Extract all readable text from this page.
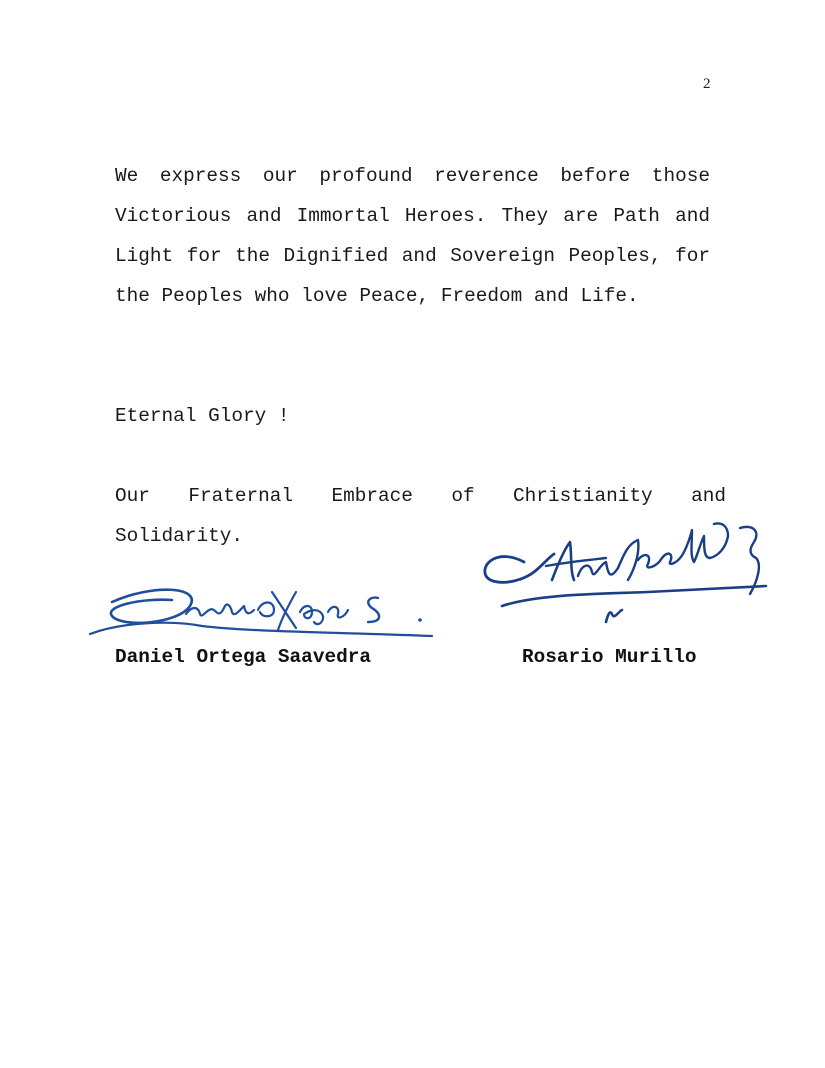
2

We express our profound reverence before those Victorious and Immortal Heroes. They are Path and Light for the Dignified and Sovereign Peoples, for the Peoples who love Peace, Freedom and Life.

Eternal Glory !

Our Fraternal Embrace of Christianity and Solidarity.

Daniel Ortega Saavedra	Rosario Murillo
